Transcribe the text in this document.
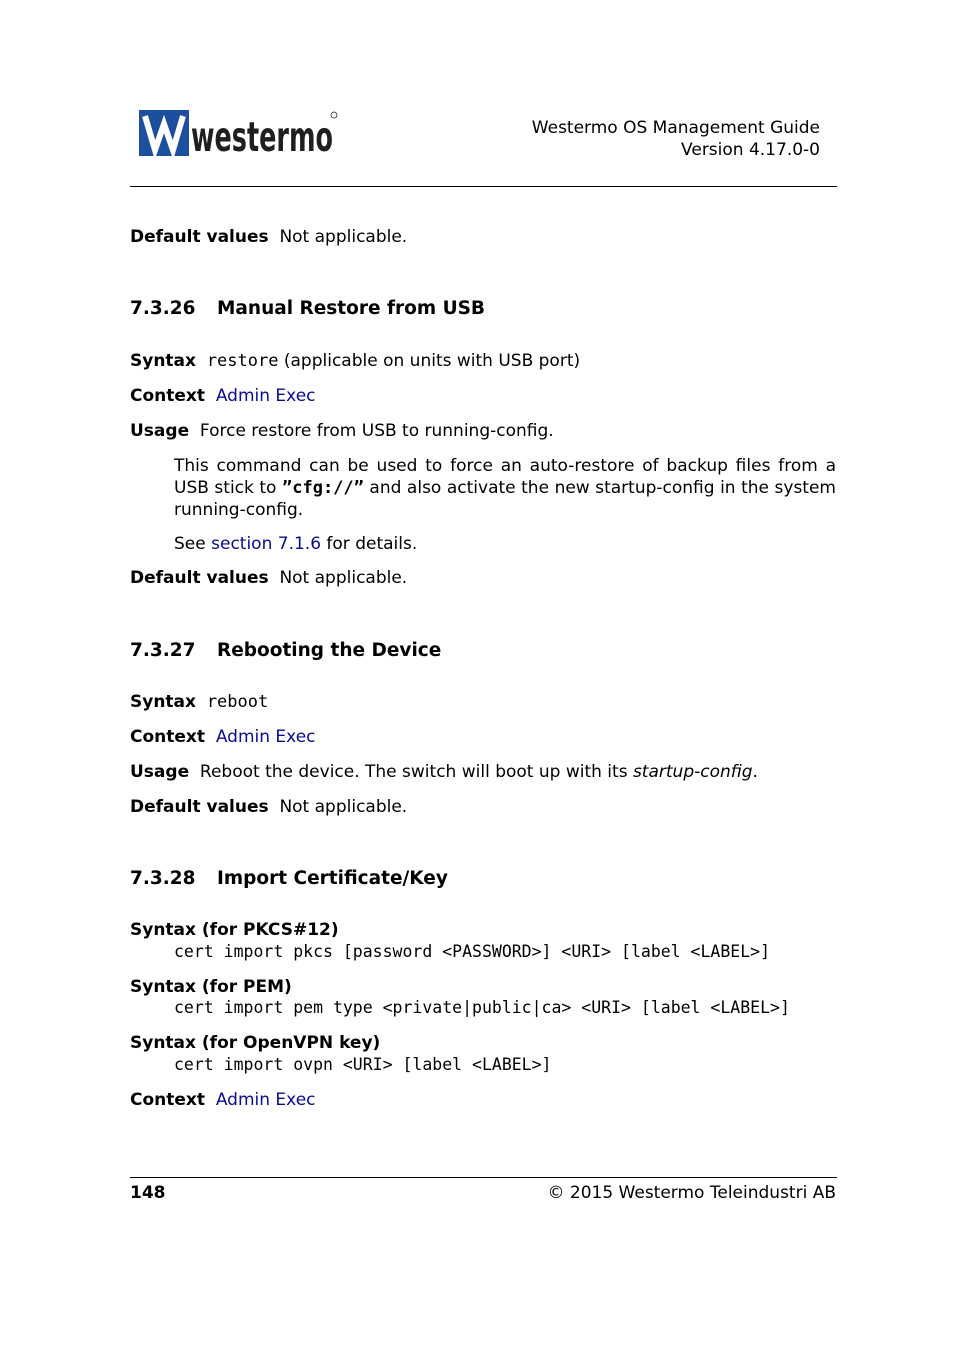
westermo	Westermo OS Management Guide
Version 4.17.0-0
Default values Not applicable.
7.3.26 Manual Restore from USB
Syntax restore (applicable on units with USB port)
Context Admin Exec
Usage Force restore from USB to running-config.
This command can be used to force an auto-restore of backup files from a
USB stick to ”cfg://” and also activate the new startup-config in the system
running-config.
See section 7.1.6 for details.
Default values Not applicable.
7.3.27 Rebooting the Device
Syntax reboot
Context Admin Exec
Usage Reboot the device. The switch will boot up with its startup-config.
Default values Not applicable.
7.3.28 Import Certificate/Key
Syntax (for PKCS#12)
cert import pkcs [password <PASSWORD>] <URI> [label <LABEL>]
Syntax (for PEM)
cert import pem type <private|public|ca> <URI> [label <LABEL>]
Syntax (for OpenVPN key)
cert import ovpn <URI> [label <LABEL>]
Context Admin Exec
148	© 2015 Westermo Teleindustri AB
